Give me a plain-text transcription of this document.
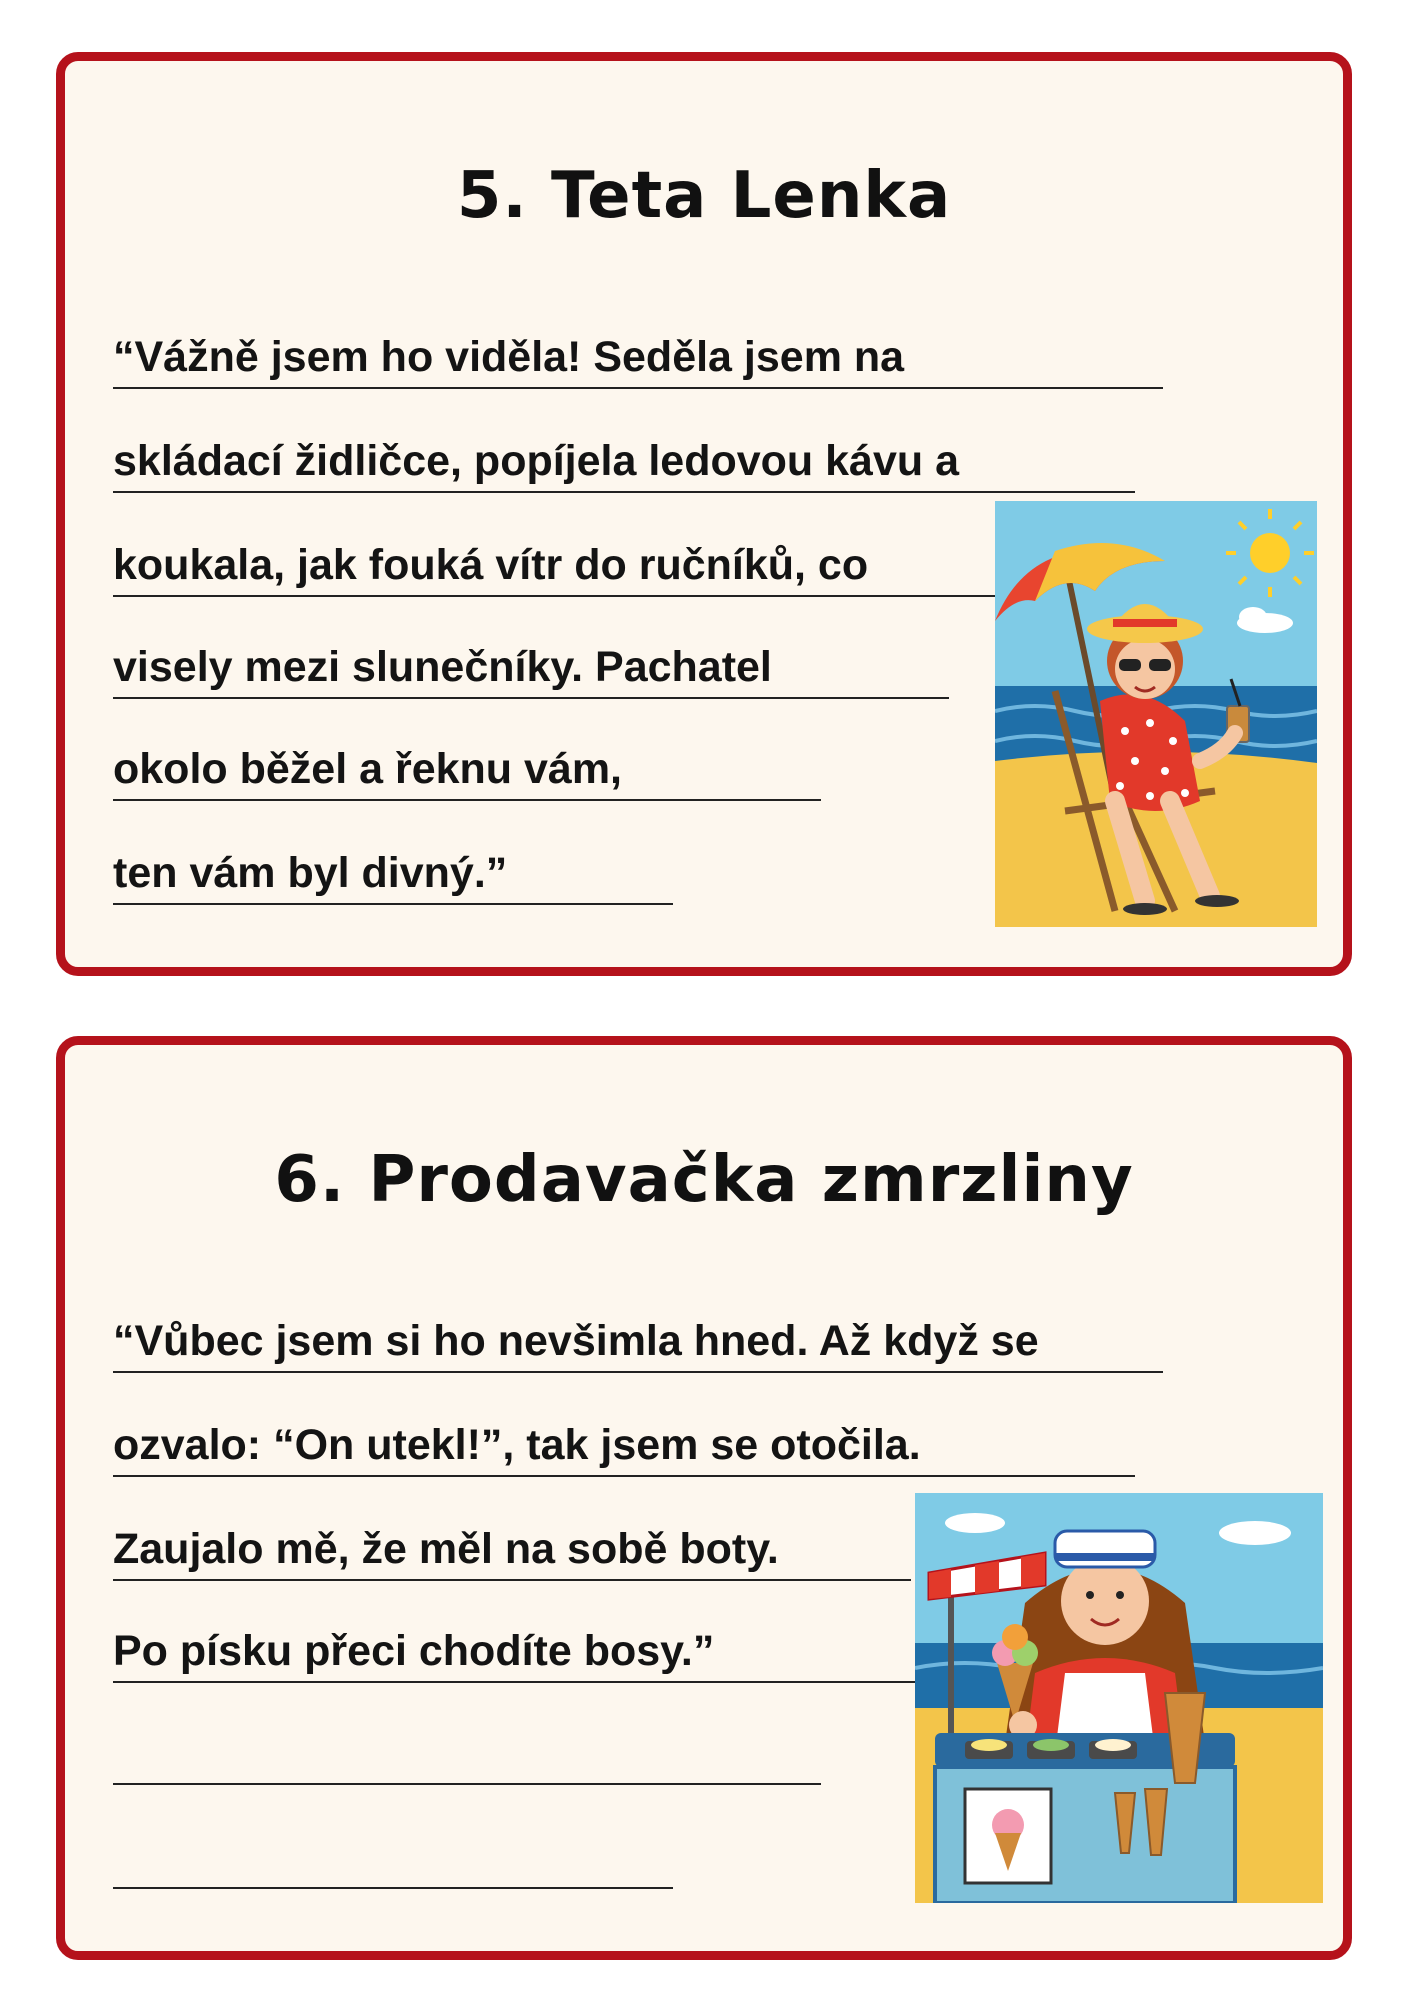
5. Teta Lenka
“Vážně jsem ho viděla! Seděla jsem na
skládací židličce, popíjela ledovou kávu a
koukala, jak fouká vítr do ručníků, co
visely mezi slunečníky. Pachatel
okolo běžel a řeknu vám,
ten vám byl divný.”
6. Prodavačka zmrzliny
“Vůbec jsem si ho nevšimla hned. Až když se
ozvalo: “On utekl!”, tak jsem se otočila.
Zaujalo mě, že měl na sobě boty.
Po písku přeci chodíte bosy.”
